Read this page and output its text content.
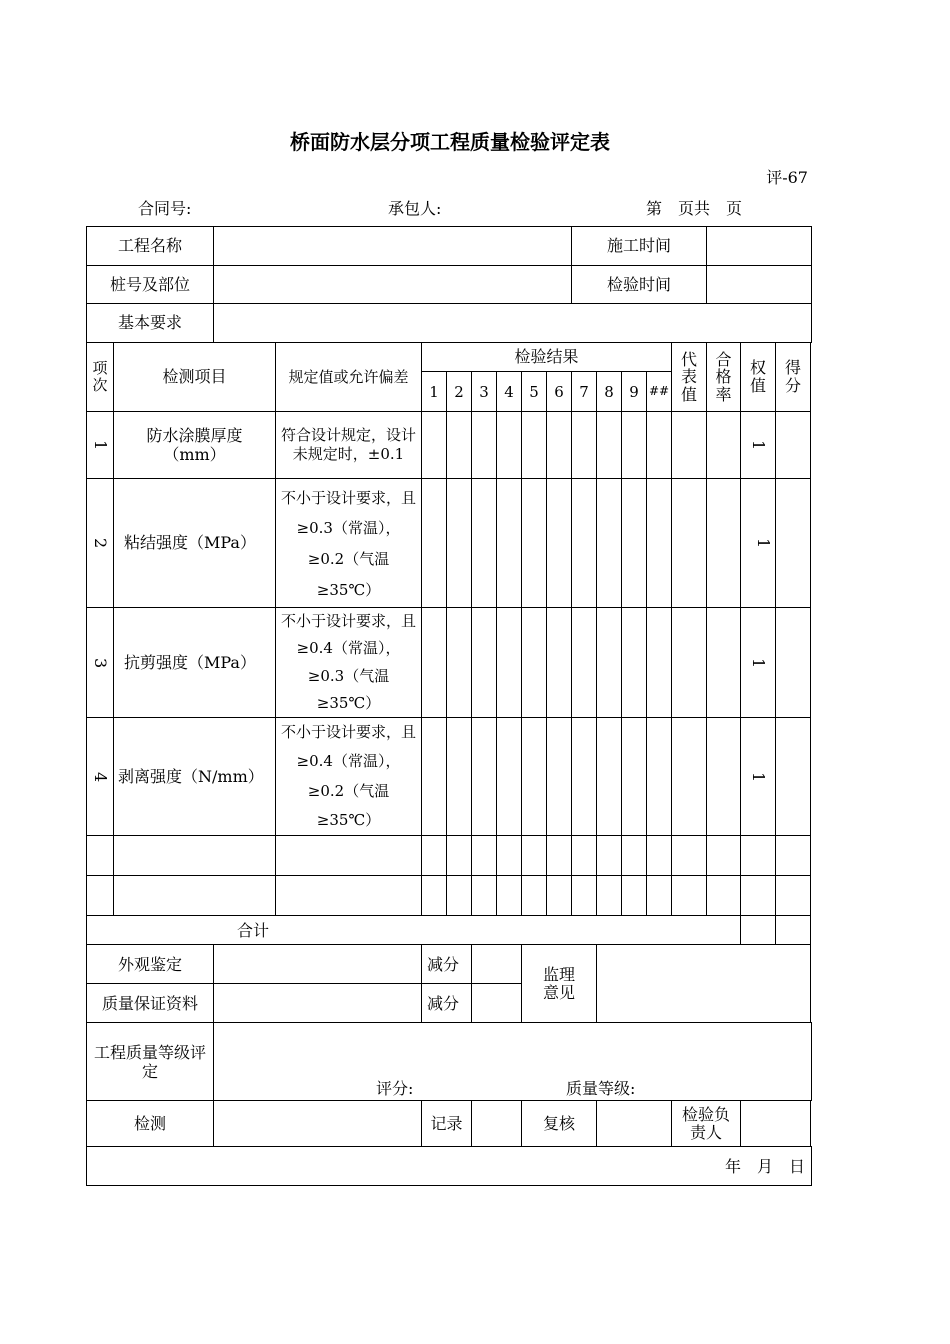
桥面防水层分项工程质量检验评定表
评-67
合同号:	承包人:	第　页共　页
工程名称										施工时间							
桩号及部位										检验时间							
基本要求																	
项次	检测项目		规定值或允许偏差	检验结果										代表值	合格率	权值	得分
				1	2	3	4	5	6	7	8	9	##				
1	防水涂膜厚度（mm）		符合设计规定，设计未规定时，±0.1													1	
2	粘结强度（MPa）		不小于设计要求，且≥0.3（常温），≥0.2（气温≥35℃）													1	
3	抗剪强度（MPa）		不小于设计要求，且≥0.4（常温），≥0.3（气温≥35℃）													1	
4	剥离强度（N/mm）		不小于设计要求，且≥0.4（常温），≥0.2（气温≥35℃）													1	

合计																	
外观鉴定				减分				监理意见									
质量保证资料				减分													
工程质量等级评定		评分: 质量等级:															

检测				记录				复核						检验负责人			
年　月　日																	
